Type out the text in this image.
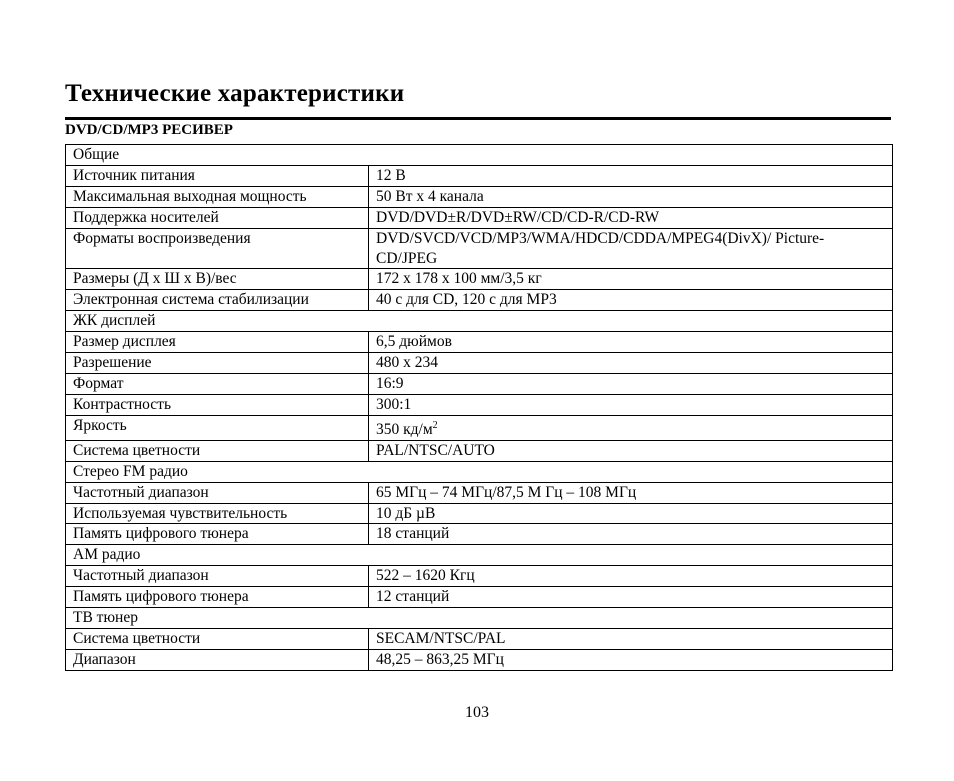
Технические характеристики
DVD/CD/MP3 РЕСИВЕР
Общие	
Источник питания	12 В
Максимальная выходная мощность	50 Вт x 4 канала
Поддержка носителей	DVD/DVD±R/DVD±RW/CD/CD-R/CD-RW
Форматы воспроизведения	DVD/SVCD/VCD/MP3/WMA/HDCD/CDDA/MPEG4(DivX)/ Picture-CD/JPEG
Размеры (Д x Ш x В)/вес	172 x 178 x 100 мм/3,5 кг
Электронная система стабилизации	40 с для CD, 120 с для MP3
ЖК дисплей	
Размер дисплея	6,5 дюймов
Разрешение	480 x 234
Формат	16:9
Контрастность	300:1
Яркость	350 $кд/м^2$
Система цветности	PAL/NTSC/AUTO
Стерео FM радио	
Частотный диапазон	65 МГц – 74 МГц/87,5 М Гц – 108 МГц
Используемая чувствительность	10 дБ µВ
Память цифрового тюнера	18 станций
AM радио	
Частотный диапазон	522 – 1620 Кгц
Память цифрового тюнера	12 станций
ТВ тюнер	
Система цветности	SECAM/NTSC/PAL
Диапазон	48,25 – 863,25 МГц
103
